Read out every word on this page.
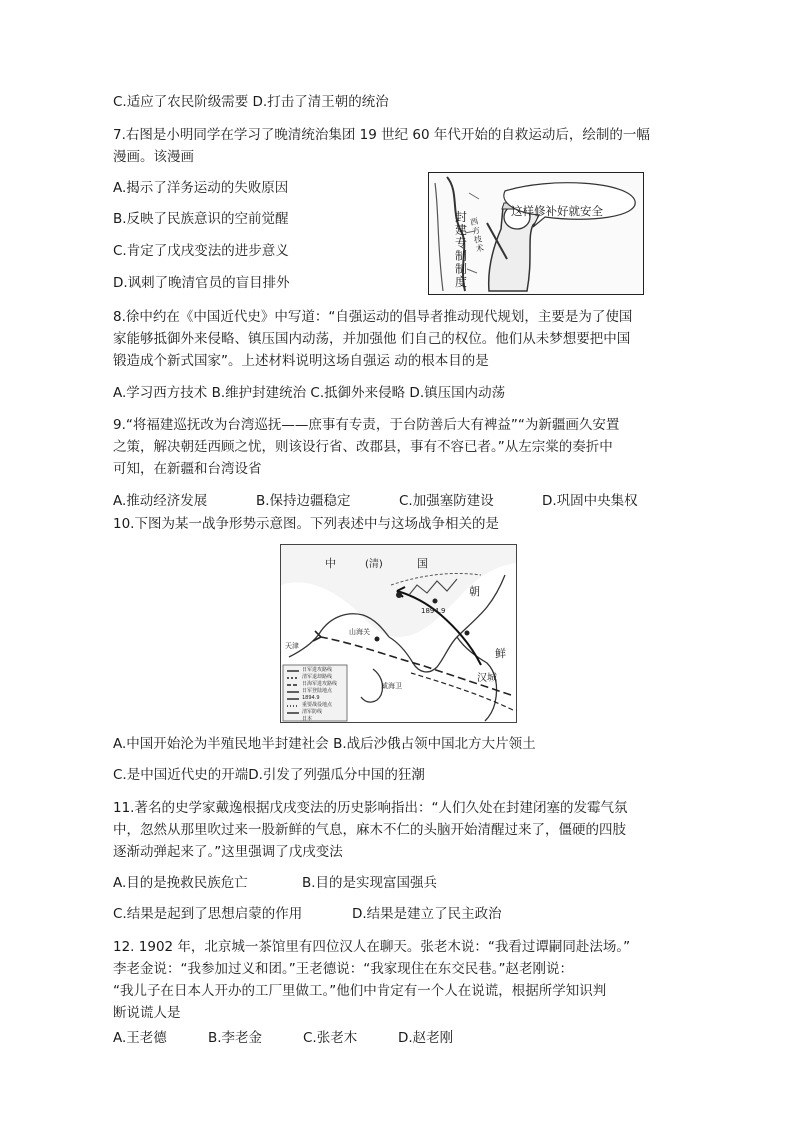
C.适应了农民阶级需要 D.打击了清王朝的统治
7.右图是小明同学在学习了晚清统治集团 19 世纪 60 年代开始的自救运动后，绘制的一幅
漫画。该漫画
A.揭示了洋务运动的失败原因
B.反映了民族意识的空前觉醒
C.肯定了戊戌变法的进步意义
D.讽刺了晚清官员的盲目排外
这样修补好就安全
封建专制制度
西方技术
8.徐中约在《中国近代史》中写道：“自强运动的倡导者推动现代规划，主要是为了使国
家能够抵御外来侵略、镇压国内动荡，并加强他 们自己的权位。他们从未梦想要把中国
锻造成个新式国家”。上述材料说明这场自强运 动的根本目的是
A.学习西方技术 B.维护封建统治 C.抵御外来侵略 D.镇压国内动荡
9.“将福建巡抚改为台湾巡抚——庶事有专责，于台防善后大有裨益”“为新疆画久安置
之策，解决朝廷西顾之忧，则该设行省、改郡县，事有不容已者。”从左宗棠的奏折中
可知，在新疆和台湾设省
A.推动经济发展	B.保持边疆稳定	C.加强塞防建设	D.巩固中央集权
10.下图为某一战争形势示意图。下列表述中与这场战争相关的是
中	(清)	国
朝
鲜
汉城
天津
山海关
威海卫
1894.9
日军进攻路线
清军退却路线
日海军进攻路线
日军登陆地点
1894.9
重要战役地点
清军防线
日本
A.中国开始沦为半殖民地半封建社会 B.战后沙俄占领中国北方大片领土
C.是中国近代史的开端D.引发了列强瓜分中国的狂潮
11.著名的史学家戴逸根据戊戌变法的历史影响指出：“人们久处在封建闭塞的发霉气氛
中，忽然从那里吹过来一股新鲜的气息，麻木不仁的头脑开始清醒过来了，僵硬的四肢
逐渐动弹起来了。”这里强调了戊戌变法
A.目的是挽救民族危亡	B.目的是实现富国强兵
C.结果是起到了思想启蒙的作用	D.结果是建立了民主政治
12. 1902 年，北京城一茶馆里有四位汉人在聊天。张老木说：“我看过谭嗣同赴法场。”
李老金说：“我参加过义和团。”王老德说：“我家现住在东交民巷。”赵老刚说：
“我儿子在日本人开办的工厂里做工。”他们中肯定有一个人在说谎，根据所学知识判
断说谎人是
A.王老德	B.李老金	C.张老木	D.赵老刚
